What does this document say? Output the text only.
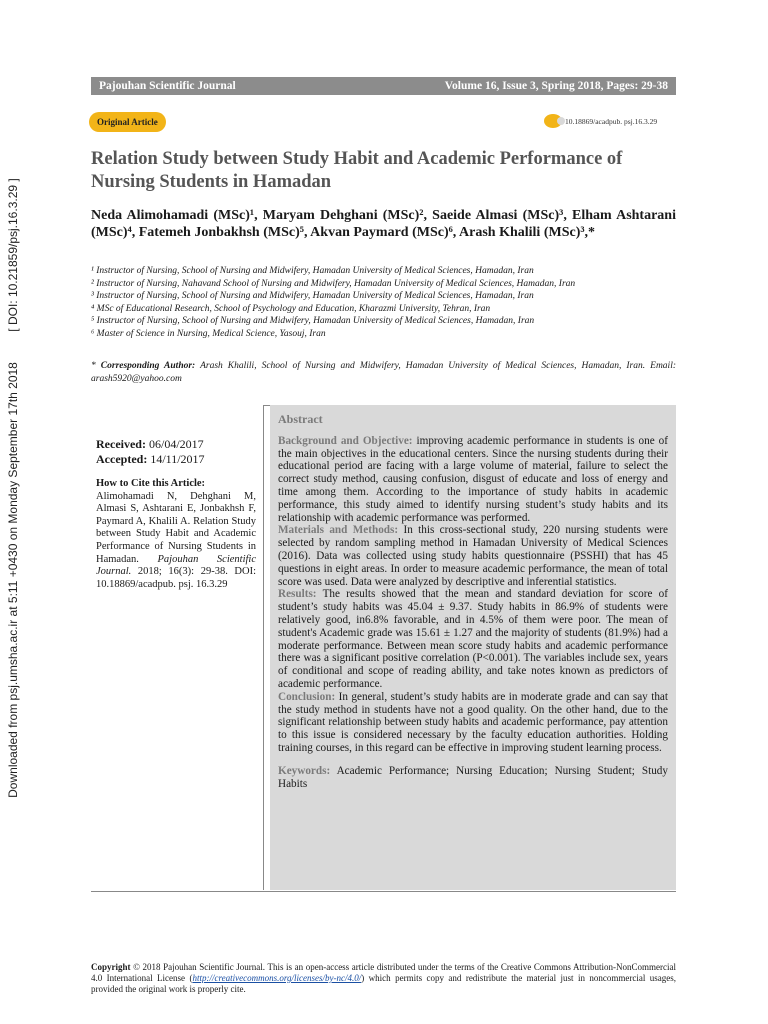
[ DOI: 10.21859/psj.16.3.29 ]
Downloaded from psj.umsha.ac.ir at 5:11 +0430 on Monday September 17th 2018
Pajouhan Scientific Journal	Volume 16, Issue 3, Spring 2018, Pages: 29-38
Original Article	10.18869/acadpub. psj.16.3.29
Relation Study between Study Habit and Academic Performance of Nursing Students in Hamadan
Neda Alimohamadi (MSc)¹, Maryam Dehghani (MSc)², Saeide Almasi (MSc)³, Elham Ashtarani (MSc)⁴, Fatemeh Jonbakhsh (MSc)⁵, Akvan Paymard (MSc)⁶, Arash Khalili (MSc)³,*
¹ Instructor of Nursing, School of Nursing and Midwifery, Hamadan University of Medical Sciences, Hamadan, Iran
² Instructor of Nursing, Nahavand School of Nursing and Midwifery, Hamadan University of Medical Sciences, Hamadan, Iran
³ Instructor of Nursing, School of Nursing and Midwifery, Hamadan University of Medical Sciences, Hamadan, Iran
⁴ MSc of Educational Research, School of Psychology and Education, Kharazmi University, Tehran, Iran
⁵ Instructor of Nursing, School of Nursing and Midwifery, Hamadan University of Medical Sciences, Hamadan, Iran
⁶ Master of Science in Nursing, Medical Science, Yasouj, Iran
* Corresponding Author: Arash Khalili, School of Nursing and Midwifery, Hamadan University of Medical Sciences, Hamadan, Iran. Email: arash5920@yahoo.com
Received: 06/04/2017
Accepted: 14/11/2017
How to Cite this Article:
Alimohamadi N, Dehghani M, Almasi S, Ashtarani E, Jonbakhsh F, Paymard A, Khalili A. Relation Study between Study Habit and Academic Performance of Nursing Students in Hamadan. Pajouhan Scientific Journal. 2018; 16(3): 29-38. DOI: 10.18869/acadpub. psj. 16.3.29
Abstract

Background and Objective: improving academic performance in students is one of the main objectives in the educational centers. Since the nursing students during their educational period are facing with a large volume of material, failure to select the correct study method, causing confusion, disgust of educate and loss of energy and time among them. According to the importance of study habits in academic performance, this study aimed to identify nursing student’s study habits and its relationship with academic performance was performed.

Materials and Methods: In this cross-sectional study, 220 nursing students were selected by random sampling method in Hamadan University of Medical Sciences (2016). Data was collected using study habits questionnaire (PSSHI) that has 45 questions in eight areas. In order to measure academic performance, the mean of total score was used. Data were analyzed by descriptive and inferential statistics.

Results: The results showed that the mean and standard deviation for score of student’s study habits was 45.04 ± 9.37. Study habits in 86.9% of students were relatively good, in6.8% favorable, and in 4.5% of them were poor. The mean of student's Academic grade was 15.61 ± 1.27 and the majority of students (81.9%) had a moderate performance. Between mean score study habits and academic performance there was a significant positive correlation (P<0.001). The variables include sex, years of conditional and scope of reading ability, and take notes known as predictors of academic performance.

Conclusion: In general, student’s study habits are in moderate grade and can say that the study method in students have not a good quality. On the other hand, due to the significant relationship between study habits and academic performance, pay attention to this issue is considered necessary by the faculty education authorities. Holding training courses, in this regard can be effective in improving student learning process.

Keywords: Academic Performance; Nursing Education; Nursing Student; Study Habits

Copyright © 2018 Pajouhan Scientific Journal. This is an open-access article distributed under the terms of the Creative Commons Attribution-NonCommercial 4.0 International License (http://creativecommons.org/licenses/by-nc/4.0/) which permits copy and redistribute the material just in noncommercial usages, provided the original work is properly cite.
